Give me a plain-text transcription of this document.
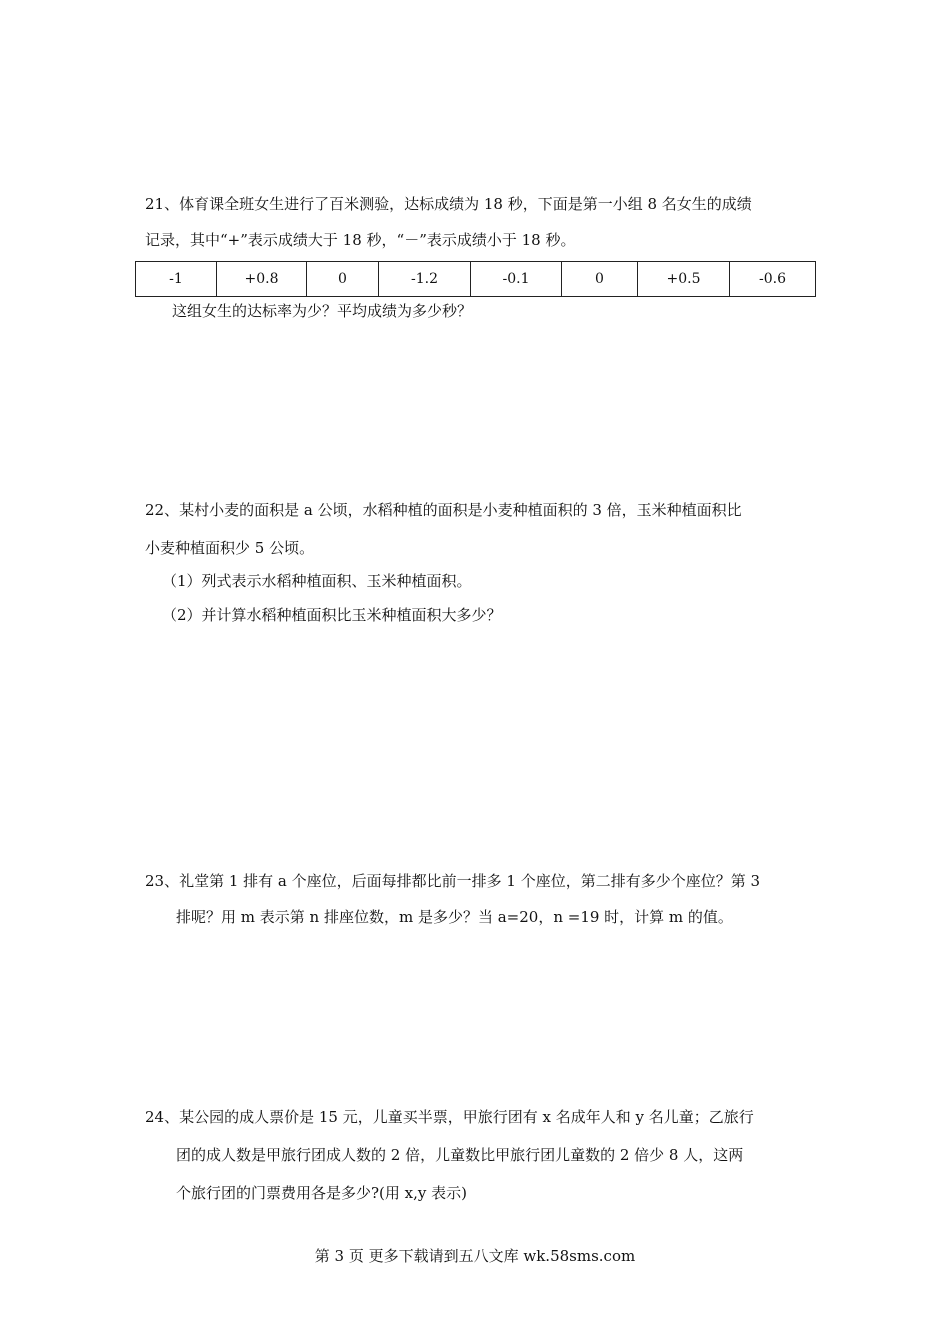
21、体育课全班女生进行了百米测验，达标成绩为 18 秒，下面是第一小组 8 名女生的成绩
记录，其中“+”表示成绩大于 18 秒，“－”表示成绩小于 18 秒。
-1	+0.8	0	-1.2	-0.1	0	+0.5	-0.6
这组女生的达标率为少？平均成绩为多少秒？
22、某村小麦的面积是 a 公顷，水稻种植的面积是小麦种植面积的 3 倍，玉米种植面积比
小麦种植面积少 5 公顷。
（1）列式表示水稻种植面积、玉米种植面积。
（2）并计算水稻种植面积比玉米种植面积大多少？
23、礼堂第 1 排有 a 个座位，后面每排都比前一排多 1 个座位，第二排有多少个座位？第 3
排呢？用 m 表示第 n 排座位数，m 是多少？当 a=20，n =19 时，计算 m 的值。
24、某公园的成人票价是 15 元，儿童买半票，甲旅行团有 x 名成年人和 y 名儿童；乙旅行
团的成人数是甲旅行团成人数的 2 倍，儿童数比甲旅行团儿童数的 2 倍少 8 人，这两
个旅行团的门票费用各是多少?(用 x,y 表示)
第 3 页 更多下载请到五八文库 wk.58sms.com
